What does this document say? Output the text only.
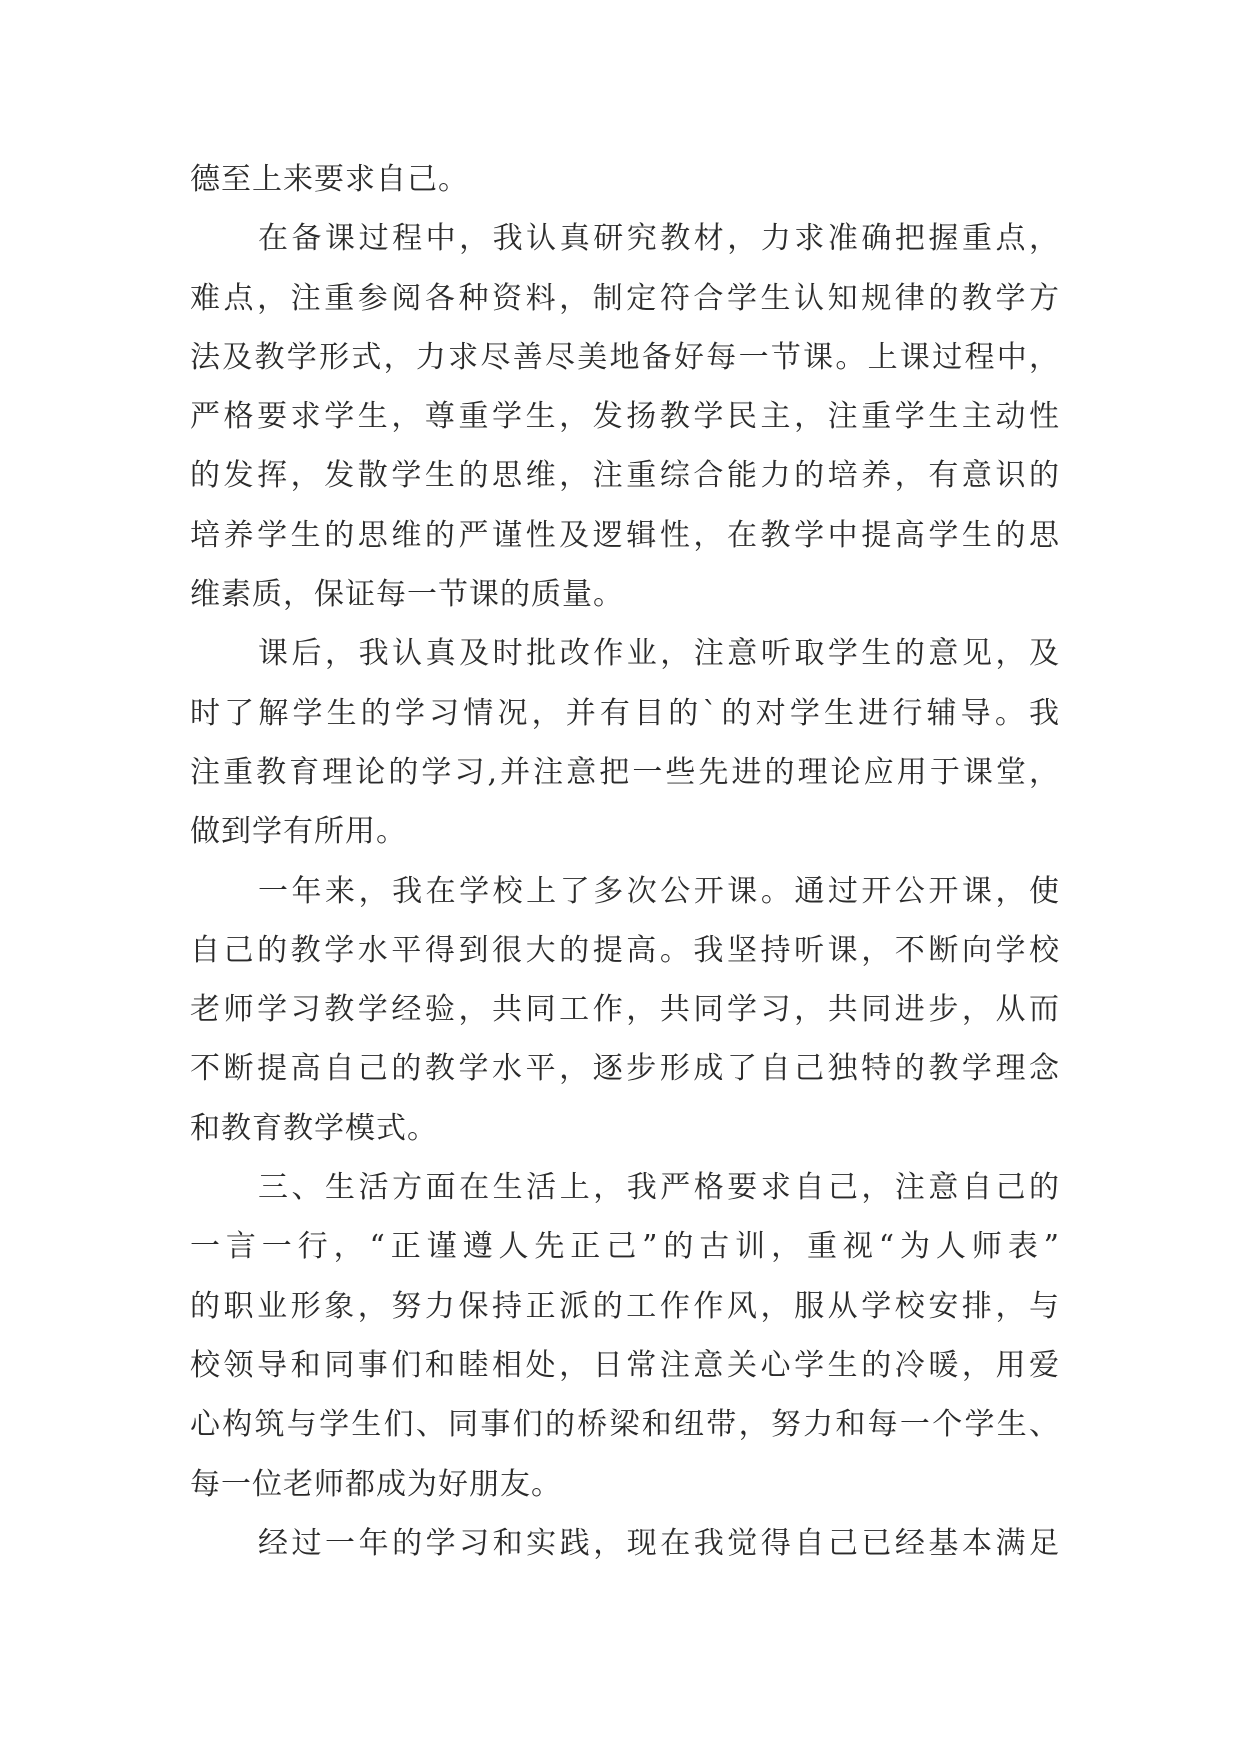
德至上来要求自己。
在备课过程中，我认真研究教材，力求准确把握重点，
难点，注重参阅各种资料，制定符合学生认知规律的教学方
法及教学形式，力求尽善尽美地备好每一节课。上课过程中，
严格要求学生，尊重学生，发扬教学民主，注重学生主动性
的发挥，发散学生的思维，注重综合能力的培养，有意识的
培养学生的思维的严谨性及逻辑性，在教学中提高学生的思
维素质，保证每一节课的质量。
课后，我认真及时批改作业，注意听取学生的意见，及
时了解学生的学习情况，并有目的`的对学生进行辅导。我
注重教育理论的学习,并注意把一些先进的理论应用于课堂，
做到学有所用。
一年来，我在学校上了多次公开课。通过开公开课，使
自己的教学水平得到很大的提高。我坚持听课，不断向学校
老师学习教学经验，共同工作，共同学习，共同进步，从而
不断提高自己的教学水平，逐步形成了自己独特的教学理念
和教育教学模式。
三、生活方面在生活上，我严格要求自己，注意自己的
一言一行，“正谨遵人先正己”的古训，重视“为人师表”
的职业形象，努力保持正派的工作作风，服从学校安排，与
校领导和同事们和睦相处，日常注意关心学生的冷暖，用爱
心构筑与学生们、同事们的桥梁和纽带，努力和每一个学生、
每一位老师都成为好朋友。
经过一年的学习和实践，现在我觉得自己已经基本满足
